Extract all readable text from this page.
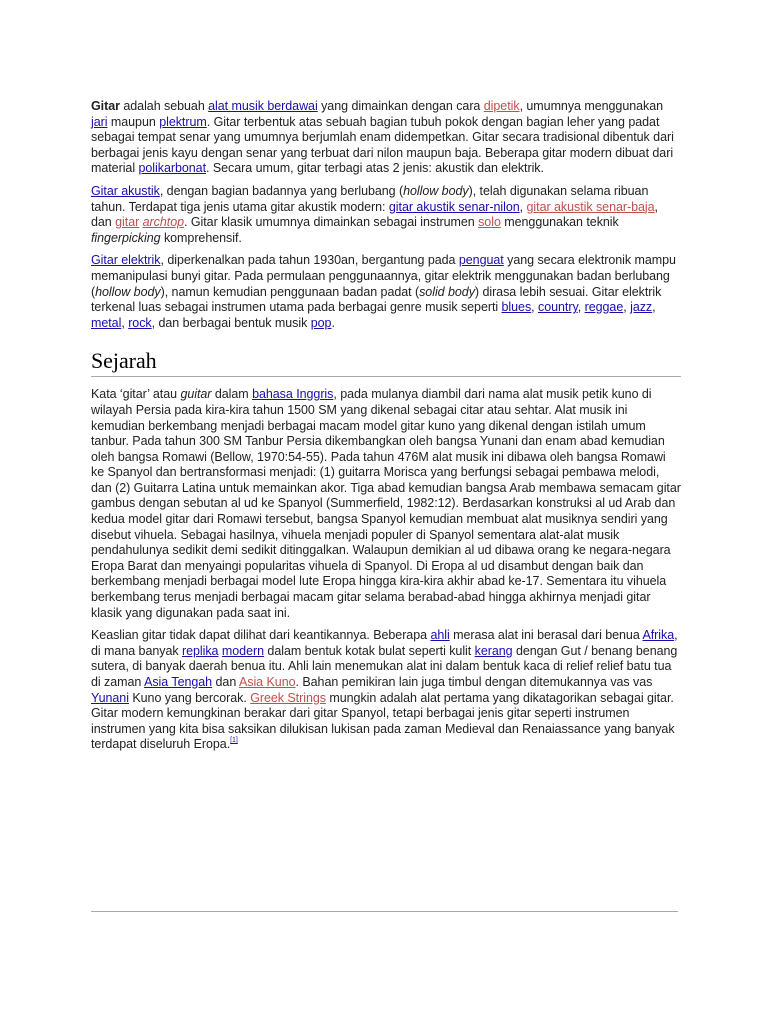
Gitar adalah sebuah alat musik berdawai yang dimainkan dengan cara dipetik, umumnya menggunakan jari maupun plektrum. Gitar terbentuk atas sebuah bagian tubuh pokok dengan bagian leher yang padat sebagai tempat senar yang umumnya berjumlah enam didempetkan. Gitar secara tradisional dibentuk dari berbagai jenis kayu dengan senar yang terbuat dari nilon maupun baja. Beberapa gitar modern dibuat dari material polikarbonat. Secara umum, gitar terbagi atas 2 jenis: akustik dan elektrik.

Gitar akustik, dengan bagian badannya yang berlubang (hollow body), telah digunakan selama ribuan tahun. Terdapat tiga jenis utama gitar akustik modern: gitar akustik senar-nilon, gitar akustik senar-baja, dan gitar archtop. Gitar klasik umumnya dimainkan sebagai instrumen solo menggunakan teknik fingerpicking komprehensif.

Gitar elektrik, diperkenalkan pada tahun 1930an, bergantung pada penguat yang secara elektronik mampu memanipulasi bunyi gitar. Pada permulaan penggunaannya, gitar elektrik menggunakan badan berlubang (hollow body), namun kemudian penggunaan badan padat (solid body) dirasa lebih sesuai. Gitar elektrik terkenal luas sebagai instrumen utama pada berbagai genre musik seperti blues, country, reggae, jazz, metal, rock, dan berbagai bentuk musik pop.

Sejarah

Kata ‘gitar’ atau guitar dalam bahasa Inggris, pada mulanya diambil dari nama alat musik petik kuno di wilayah Persia pada kira-kira tahun 1500 SM yang dikenal sebagai citar atau sehtar. Alat musik ini kemudian berkembang menjadi berbagai macam model gitar kuno yang dikenal dengan istilah umum tanbur. Pada tahun 300 SM Tanbur Persia dikembangkan oleh bangsa Yunani dan enam abad kemudian oleh bangsa Romawi (Bellow, 1970:54-55). Pada tahun 476M alat musik ini dibawa oleh bangsa Romawi ke Spanyol dan bertransformasi menjadi: (1) guitarra Morisca yang berfungsi sebagai pembawa melodi, dan (2) Guitarra Latina untuk memainkan akor. Tiga abad kemudian bangsa Arab membawa semacam gitar gambus dengan sebutan al ud ke Spanyol (Summerfield, 1982:12). Berdasarkan konstruksi al ud Arab dan kedua model gitar dari Romawi tersebut, bangsa Spanyol kemudian membuat alat musiknya sendiri yang disebut vihuela. Sebagai hasilnya, vihuela menjadi populer di Spanyol sementara alat-alat musik pendahulunya sedikit demi sedikit ditinggalkan. Walaupun demikian al ud dibawa orang ke negara-negara Eropa Barat dan menyaingi popularitas vihuela di Spanyol. Di Eropa al ud disambut dengan baik dan berkembang menjadi berbagai model lute Eropa hingga kira-kira akhir abad ke-17. Sementara itu vihuela berkembang terus menjadi berbagai macam gitar selama berabad-abad hingga akhirnya menjadi gitar klasik yang digunakan pada saat ini.

Keaslian gitar tidak dapat dilihat dari keantikannya. Beberapa ahli merasa alat ini berasal dari benua Afrika, di mana banyak replika modern dalam bentuk kotak bulat seperti kulit kerang dengan Gut / benang benang sutera, di banyak daerah benua itu. Ahli lain menemukan alat ini dalam bentuk kaca di relief relief batu tua di zaman Asia Tengah dan Asia Kuno. Bahan pemikiran lain juga timbul dengan ditemukannya vas vas Yunani Kuno yang bercorak. Greek Strings mungkin adalah alat pertama yang dikatagorikan sebagai gitar. Gitar modern kemungkinan berakar dari gitar Spanyol, tetapi berbagai jenis gitar seperti instrumen instrumen yang kita bisa saksikan dilukisan lukisan pada zaman Medieval dan Renaiassance yang banyak terdapat diseluruh Eropa.[1]
